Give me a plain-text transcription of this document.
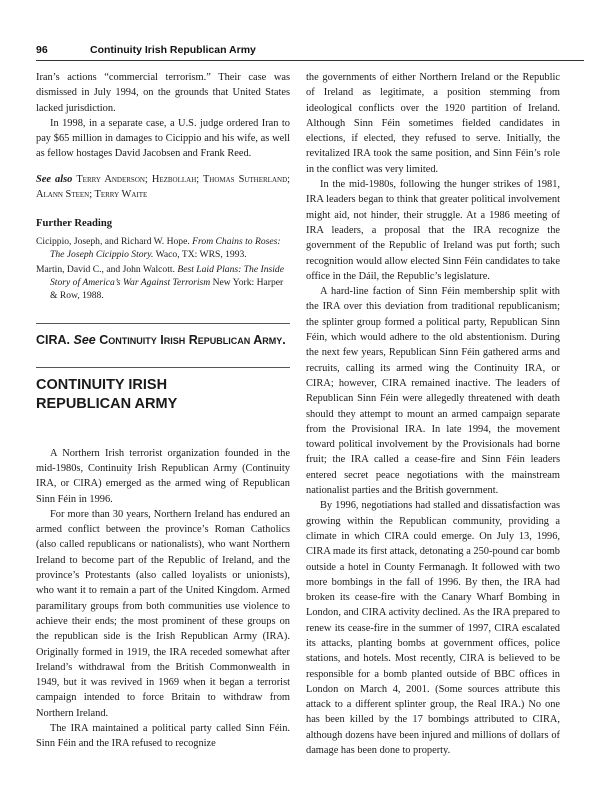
96	Continuity Irish Republican Army

Iran’s actions “commercial terrorism.” Their case was dismissed in July 1994, on the grounds that United States lacked jurisdiction.

In 1998, in a separate case, a U.S. judge ordered Iran to pay $65 million in damages to Cicippio and his wife, as well as fellow hostages David Jacobsen and Frank Reed.

See also Terry Anderson; Hezbollah; Thomas Sutherland; Alann Steen; Terry Waite

Further Reading

Cicippio, Joseph, and Richard W. Hope. From Chains to Roses: The Joseph Cicippio Story. Waco, TX: WRS, 1993.

Martin, David C., and John Walcott. Best Laid Plans: The Inside Story of America’s War Against Terrorism New York: Harper & Row, 1988.

CIRA. See Continuity Irish Republican Army.
CONTINUITY IRISH
REPUBLICAN ARMY

A Northern Irish terrorist organization founded in the mid-1980s, Continuity Irish Republican Army (Continuity IRA, or CIRA) emerged as the armed wing of Republican Sinn Féin in 1996.

For more than 30 years, Northern Ireland has endured an armed conflict between the province’s Roman Catholics (also called republicans or nationalists), who want Northern Ireland to become part of the Republic of Ireland, and the province’s Protestants (also called loyalists or unionists), who want it to remain a part of the United Kingdom. Armed paramilitary groups from both communities use violence to achieve their ends; the most prominent of these groups on the republican side is the Irish Republican Army (IRA). Originally formed in 1919, the IRA receded somewhat after Ireland’s withdrawal from the British Commonwealth in 1949, but it was revived in 1969 when it began a terrorist campaign intended to force Britain to withdraw from Northern Ireland.

The IRA maintained a political party called Sinn Féin. Sinn Féin and the IRA refused to recognize

the governments of either Northern Ireland or the Republic of Ireland as legitimate, a position stemming from ideological conflicts over the 1920 partition of Ireland. Although Sinn Féin sometimes fielded candidates in elections, if elected, they refused to serve. Initially, the revitalized IRA took the same position, and Sinn Féin’s role in the conflict was very limited.

In the mid-1980s, following the hunger strikes of 1981, IRA leaders began to think that greater political involvement might aid, not hinder, their struggle. At a 1986 meeting of IRA leaders, a proposal that the IRA recognize the government of the Republic of Ireland was put forth; such recognition would allow elected Sinn Féin candidates to take office in the Dáil, the Republic’s legislature.

A hard-line faction of Sinn Féin membership split with the IRA over this deviation from traditional republicanism; the splinter group formed a political party, Republican Sinn Féin, which would adhere to the old abstentionism. During the next few years, Republican Sinn Féin gathered arms and recruits, calling its armed wing the Continuity IRA, or CIRA; however, CIRA remained inactive. The leaders of Republican Sinn Féin were allegedly threatened with death should they attempt to mount an armed campaign separate from the Provisional IRA. In late 1994, the movement toward political involvement by the Provisionals had borne fruit; the IRA called a cease-fire and Sinn Féin leaders entered secret peace negotiations with the mainstream nationalist parties and the British government.

By 1996, negotiations had stalled and dissatisfaction was growing within the Republican community, providing a climate in which CIRA could emerge. On July 13, 1996, CIRA made its first attack, detonating a 250-pound car bomb outside a hotel in County Fermanagh. It followed with two more bombings in the fall of 1996. By then, the IRA had broken its cease-fire with the Canary Wharf Bombing in London, and CIRA activity declined. As the IRA prepared to renew its cease-fire in the summer of 1997, CIRA escalated its attacks, planting bombs at government offices, police stations, and hotels. Most recently, CIRA is believed to be responsible for a bomb planted outside of BBC offices in London on March 4, 2001. (Some sources attribute this attack to a different splinter group, the Real IRA.) No one has been killed by the 17 bombings attributed to CIRA, although dozens have been injured and millions of dollars of damage has been done to property.
